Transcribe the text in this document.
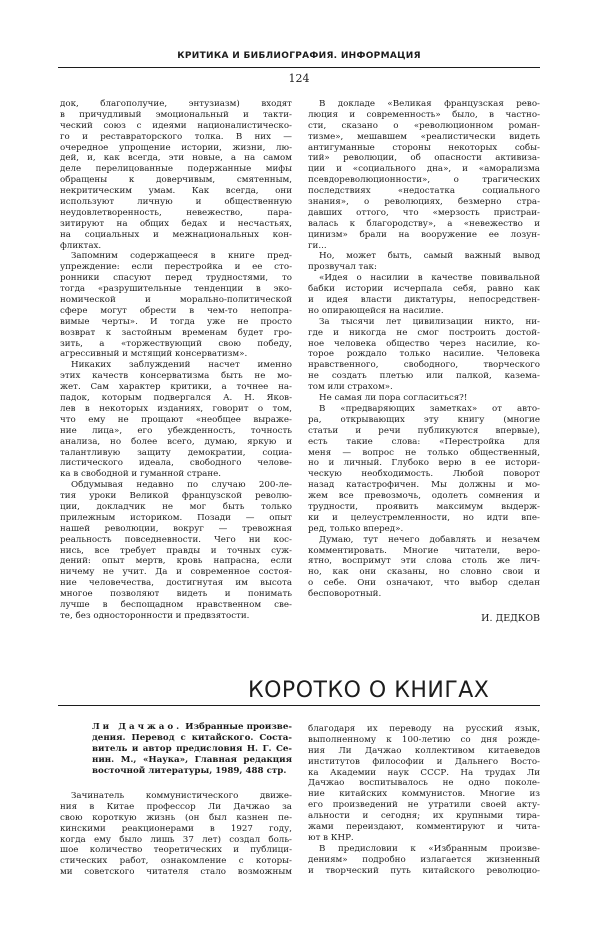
КРИТИКА И БИБЛИОГРАФИЯ. ИНФОРМАЦИЯ
124
док, благополучие, энтузиазм) входят
в причудливый эмоциональный и такти-
ческий союз с идеями националистическо-
го и реставраторского толка. В них —
очередное упрощение истории, жизни, лю-
дей, и, как всегда, эти новые, а на самом
деле перелицованные подержанные мифы
обращены к доверчивым, смятенным,
некритическим умам. Как всегда, они
используют личную и общественную
неудовлетворенность, невежество, пара-
зитируют на общих бедах и несчастьях,
на социальных и межнациональных кон-
фликтах.
Запомним содержащееся в книге пред-
упреждение: если перестройка и ее сто-
ронники спасуют перед трудностями, то
тогда «разрушительные тенденции в эко-
номической и морально-политической
сфере могут обрести в чем-то непопра-
вимые черты». И тогда уже не просто
возврат к застойным временам будет гро-
зить, а «торжествующий свою победу,
агрессивный и мстящий консерватизм».
Никаких заблуждений насчет именно
этих качеств консерватизма быть не мо-
жет. Сам характер критики, а точнее на-
падок, которым подвергался А. Н. Яков-
лев в некоторых изданиях, говорит о том,
что ему не прощают «необщее выраже-
ние лица», его убежденность, точность
анализа, но более всего, думаю, яркую и
талантливую защиту демократии, социа-
листического идеала, свободного челове-
ка в свободной и гуманной стране.
Обдумывая недавно по случаю 200-ле-
тия уроки Великой французской револю-
ции, докладчик не мог быть только
прилежным историком. Позади — опыт
нашей революции, вокруг — тревожная
реальность повседневности. Чего ни кос-
нись, все требует правды и точных суж-
дений: опыт мертв, кровь напрасна, если
ничему не учит. Да и современное состоя-
ние человечества, достигнутая им высота
многое позволяют видеть и понимать
лучше в беспощадном нравственном све-
те, без односторонности и предвзятости.
В докладе «Великая французская рево-
люция и современность» было, в частно-
сти, сказано о «революционном роман-
тизме», мешавшем «реалистически видеть
антигуманные стороны некоторых собы-
тий» революции, об опасности активиза-
ции и «социального дна», и «аморализма
псевдореволюционности», о трагических
последствиях «недостатка социального
знания», о революциях, безмерно стра-
давших оттого, что «мерзость пристраи-
валась к благородству», а «невежество и
цинизм» брали на вооружение ее лозун-
ги...
Но, может быть, самый важный вывод
прозвучал так:
«Идея о насилии в качестве повивальной
бабки истории исчерпала себя, равно как
и идея власти диктатуры, непосредствен-
но опирающейся на насилие.
За тысячи лет цивилизации никто, ни-
где и никогда не смог построить достой-
ное человека общество через насилие, ко-
торое рождало только насилие. Человека
нравственного, свободного, творческого
не создать плетью или палкой, казема-
том или страхом».
Не самая ли пора согласиться?!
В «предваряющих заметках» от авто-
ра, открывающих эту книгу (многие
статьи и речи публикуются впервые),
есть такие слова: «Перестройка для
меня — вопрос не только общественный,
но и личный. Глубоко верю в ее истори-
ческую необходимость. Любой поворот
назад катастрофичен. Мы должны и мо-
жем все превозмочь, одолеть сомнения и
трудности, проявить максимум выдерж-
ки и целеустремленности, но идти впе-
ред, только вперед».
Думаю, тут нечего добавлять и незачем
комментировать. Многие читатели, веро-
ятно, воспримут эти слова столь же лич-
но, как они сказаны, но словно свои и
о себе. Они означают, что выбор сделан
бесповоротный.
И. ДЕДКОВ
КОРОТКО О КНИГАХ
Ли Дачжао. Избранные произве-
дения. Перевод с китайского. Соста-
витель и автор предисловия Н. Г. Се-
нин. М., «Наука», Главная редакция
восточной литературы, 1989, 488 стр.
Зачинатель коммунистического движе-
ния в Китае профессор Ли Дачжао за
свою короткую жизнь (он был казнен пе-
кинскими реакционерами в 1927 году,
когда ему было лишь 37 лет) создал боль-
шое количество теоретических и публици-
стических работ, ознакомление с которы-
ми советского читателя стало возможным
благодаря их переводу на русский язык,
выполненному к 100-летию со дня рожде-
ния Ли Дачжао коллективом китаеведов
институтов философии и Дальнего Восто-
ка Академии наук СССР. На трудах Ли
Дачжао воспитывалось не одно поколе-
ние китайских коммунистов. Многие из
его произведений не утратили своей акту-
альности и сегодня; их крупными тира-
жами переиздают, комментируют и чита-
ют в КНР.
В предисловии к «Избранным произве-
дениям» подробно излагается жизненный
и творческий путь китайского революцио-
